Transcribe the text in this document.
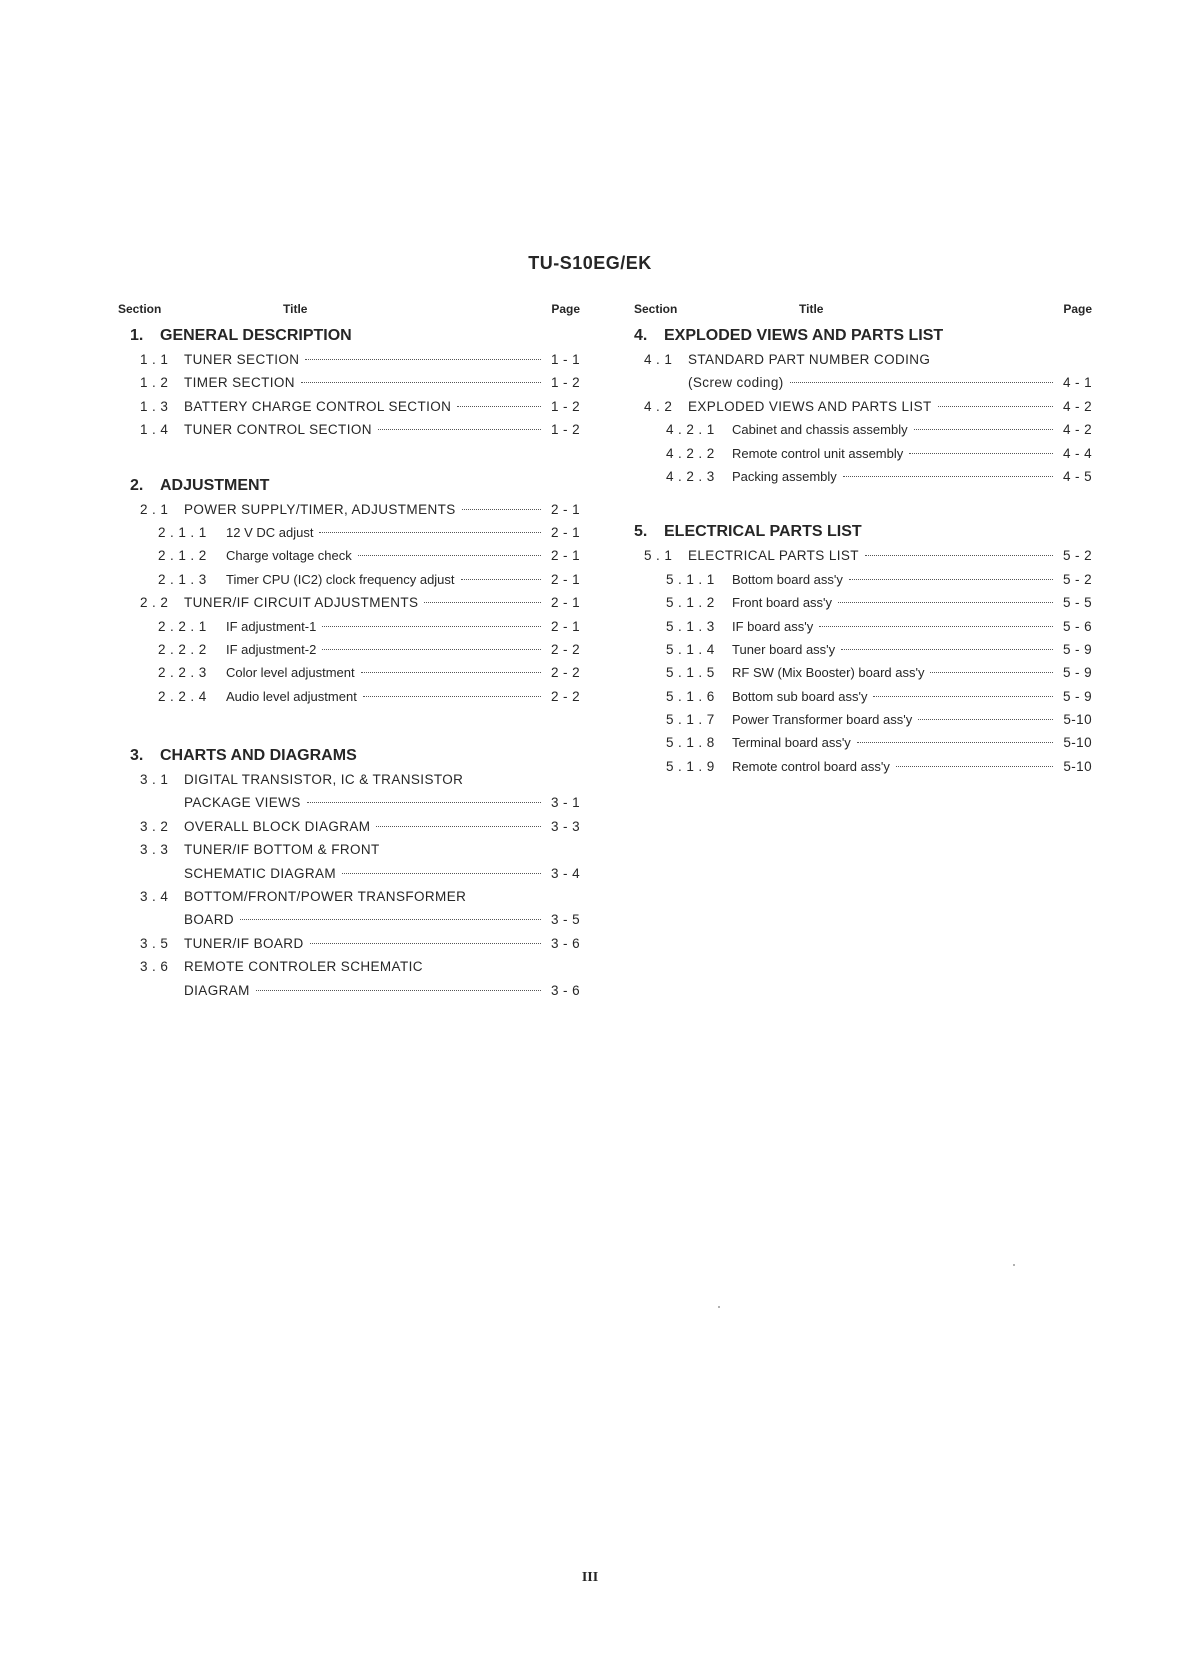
TU-S10EG/EK
Section	Title	Page
1.	GENERAL DESCRIPTION
1 . 1	TUNER SECTION	1 - 1
1 . 2	TIMER SECTION	1 - 2
1 . 3	BATTERY CHARGE CONTROL SECTION	1 - 2
1 . 4	TUNER CONTROL SECTION	1 - 2
2.	ADJUSTMENT
2 . 1	POWER SUPPLY/TIMER, ADJUSTMENTS	2 - 1
2 . 1 . 1	12 V DC adjust	2 - 1
2 . 1 . 2	Charge voltage check	2 - 1
2 . 1 . 3	Timer CPU (IC2) clock frequency adjust	2 - 1
2 . 2	TUNER/IF CIRCUIT ADJUSTMENTS	2 - 1
2 . 2 . 1	IF adjustment-1	2 - 1
2 . 2 . 2	IF adjustment-2	2 - 2
2 . 2 . 3	Color level adjustment	2 - 2
2 . 2 . 4	Audio level adjustment	2 - 2
3.	CHARTS AND DIAGRAMS
3 . 1	DIGITAL TRANSISTOR, IC & TRANSISTOR
PACKAGE VIEWS	3 - 1
3 . 2	OVERALL BLOCK DIAGRAM	3 - 3
3 . 3	TUNER/IF BOTTOM & FRONT
SCHEMATIC DIAGRAM	3 - 4
3 . 4	BOTTOM/FRONT/POWER TRANSFORMER
BOARD	3 - 5
3 . 5	TUNER/IF BOARD	3 - 6
3 . 6	REMOTE CONTROLER SCHEMATIC
DIAGRAM	3 - 6
Section	Title	Page
4.	EXPLODED VIEWS AND PARTS LIST
4 . 1	STANDARD PART NUMBER CODING
(Screw coding)	4 - 1
4 . 2	EXPLODED VIEWS AND PARTS LIST	4 - 2
4 . 2 . 1	Cabinet and chassis assembly	4 - 2
4 . 2 . 2	Remote control unit assembly	4 - 4
4 . 2 . 3	Packing assembly	4 - 5
5.	ELECTRICAL PARTS LIST
5 . 1	ELECTRICAL PARTS LIST	5 - 2
5 . 1 . 1	Bottom board ass'y	5 - 2
5 . 1 . 2	Front board ass'y	5 - 5
5 . 1 . 3	IF board ass'y	5 - 6
5 . 1 . 4	Tuner board ass'y	5 - 9
5 . 1 . 5	RF SW (Mix Booster) board ass'y	5 - 9
5 . 1 . 6	Bottom sub board ass'y	5 - 9
5 . 1 . 7	Power Transformer board ass'y	5-10
5 . 1 . 8	Terminal board ass'y	5-10
5 . 1 . 9	Remote control board ass'y	5-10
III
